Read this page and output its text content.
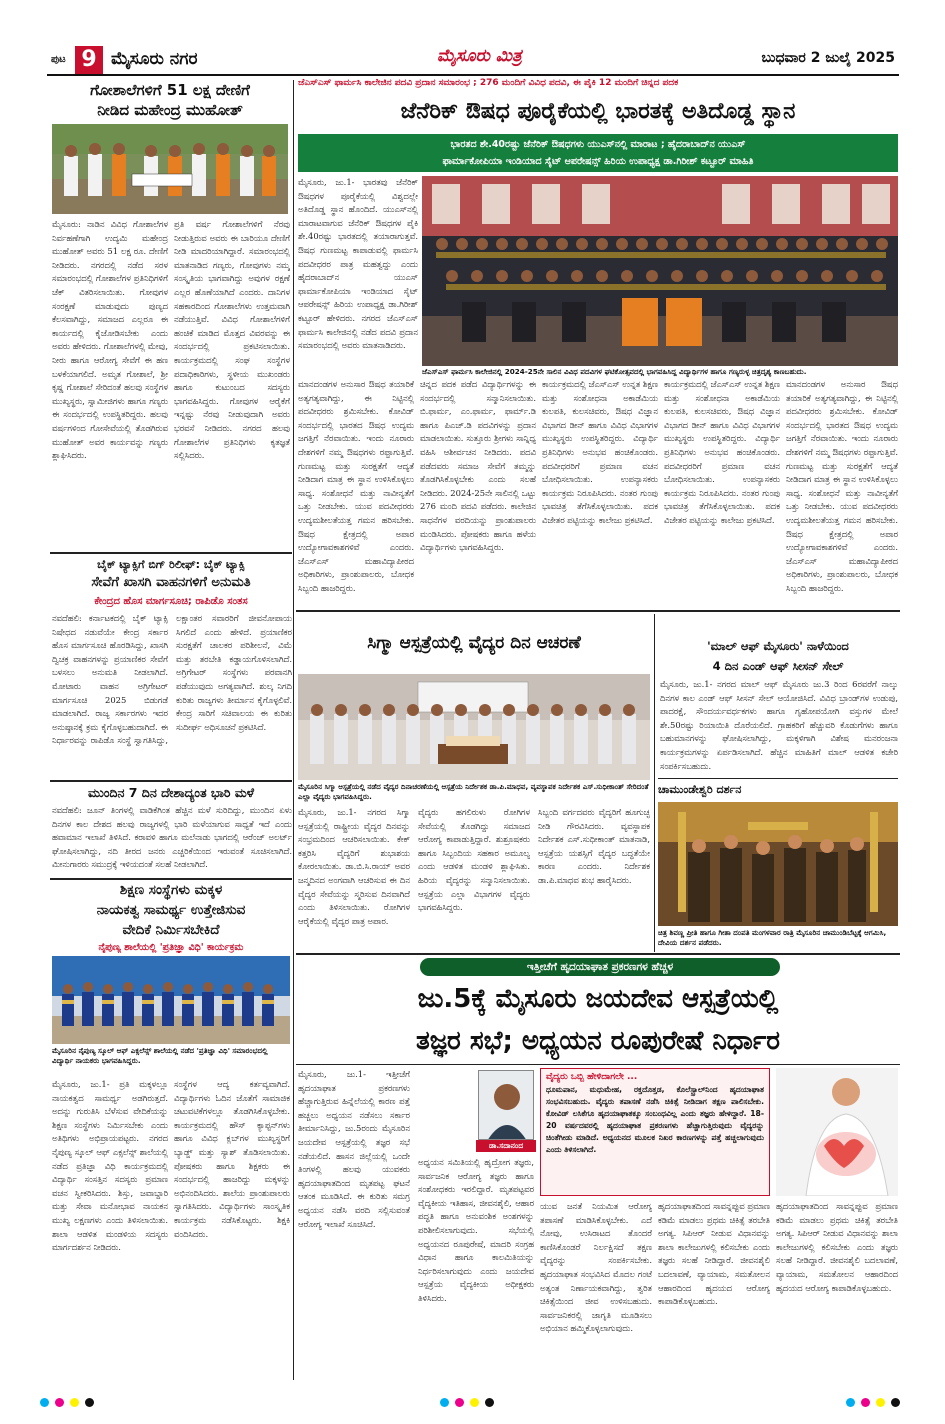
ಪುಟ 9 ಮೈಸೂರು ನಗರ	ಮೈಸೂರು ಮಿತ್ರ	ಬುಧವಾರ 2 ಜುಲೈ 2025
ಗೋಶಾಲೆಗಳಿಗೆ 51 ಲಕ್ಷ ದೇಣಿಗೆ
ನೀಡಿದ ಮಹೇಂದ್ರ ಮುಹೋತ್
ಮೈಸೂರು: ನಾಡಿನ ವಿವಿಧ ಗೋಶಾಲೆಗಳ ನಿರ್ವಹಣೆಗಾಗಿ ಉದ್ಯಮಿ ಮಹೇಂದ್ರ ಮುಹೋತ್ ಅವರು 51 ಲಕ್ಷ ರೂ. ದೇಣಿಗೆ ನೀಡಿದರು. ನಗರದಲ್ಲಿ ನಡೆದ ಸರಳ ಸಮಾರಂಭದಲ್ಲಿ ಗೋಶಾಲೆಗಳ ಪ್ರತಿನಿಧಿಗಳಿಗೆ ಚೆಕ್ ವಿತರಿಸಲಾಯಿತು. ಗೋವುಗಳ ಸಂರಕ್ಷಣೆ ಮಾಡುವುದು ಪುಣ್ಯದ ಕೆಲಸವಾಗಿದ್ದು, ಸಮಾಜದ ಎಲ್ಲರೂ ಈ ಕಾರ್ಯದಲ್ಲಿ ಕೈಜೋಡಿಸಬೇಕು ಎಂದು ಅವರು ಹೇಳಿದರು. ಗೋಶಾಲೆಗಳಲ್ಲಿ ಮೇವು, ನೀರು ಹಾಗೂ ಆರೋಗ್ಯ ಸೇವೆಗೆ ಈ ಹಣ ಬಳಕೆಯಾಗಲಿದೆ. ಅಮೃತ ಗೋಶಾಲೆ, ಶ್ರೀ ಕೃಷ್ಣ ಗೋಶಾಲೆ ಸೇರಿದಂತೆ ಹಲವು ಸಂಸ್ಥೆಗಳ ಮುಖ್ಯಸ್ಥರು, ಸ್ವಾಮೀಜಿಗಳು ಹಾಗೂ ಗಣ್ಯರು ಈ ಸಂದರ್ಭದಲ್ಲಿ ಉಪಸ್ಥಿತರಿದ್ದರು. ಹಲವು ವರ್ಷಗಳಿಂದ ಗೋಸೇವೆಯಲ್ಲಿ ತೊಡಗಿರುವ ಮುಹೋತ್ ಅವರ ಕಾರ್ಯವನ್ನು ಗಣ್ಯರು ಶ್ಲಾಘಿಸಿದರು.
ಪ್ರತಿ ವರ್ಷ ಗೋಶಾಲೆಗಳಿಗೆ ನೆರವು ನೀಡುತ್ತಿರುವ ಅವರು ಈ ಬಾರಿಯೂ ದೇಣಿಗೆ ನೀಡಿ ಮಾದರಿಯಾಗಿದ್ದಾರೆ. ಸಮಾರಂಭದಲ್ಲಿ ಮಾತನಾಡಿದ ಗಣ್ಯರು, ಗೋವುಗಳು ನಮ್ಮ ಸಂಸ್ಕೃತಿಯ ಭಾಗವಾಗಿದ್ದು ಅವುಗಳ ರಕ್ಷಣೆ ಎಲ್ಲರ ಹೊಣೆಯಾಗಿದೆ ಎಂದರು. ದಾನಿಗಳ ಸಹಕಾರದಿಂದ ಗೋಶಾಲೆಗಳು ಉತ್ತಮವಾಗಿ ನಡೆಯುತ್ತಿವೆ. ವಿವಿಧ ಗೋಶಾಲೆಗಳಿಗೆ ಹಂಚಿಕೆ ಮಾಡಿದ ಮೊತ್ತದ ವಿವರವನ್ನು ಈ ಸಂದರ್ಭದಲ್ಲಿ ಪ್ರಕಟಿಸಲಾಯಿತು. ಕಾರ್ಯಕ್ರಮದಲ್ಲಿ ಸಂಘ ಸಂಸ್ಥೆಗಳ ಪದಾಧಿಕಾರಿಗಳು, ಸ್ಥಳೀಯ ಮುಖಂಡರು ಹಾಗೂ ಕುಟುಂಬದ ಸದಸ್ಯರು ಭಾಗವಹಿಸಿದ್ದರು. ಗೋವುಗಳ ಆರೈಕೆಗೆ ಇನ್ನಷ್ಟು ನೆರವು ನೀಡುವುದಾಗಿ ಅವರು ಭರವಸೆ ನೀಡಿದರು. ನಗರದ ಹಲವು ಗೋಶಾಲೆಗಳ ಪ್ರತಿನಿಧಿಗಳು ಕೃತಜ್ಞತೆ ಸಲ್ಲಿಸಿದರು.
ಬೈಕ್ ಟ್ಯಾಕ್ಸಿಗೆ ಬಿಗ್ ರಿಲೀಫ್: ಬೈಕ್ ಟ್ಯಾಕ್ಸಿ
ಸೇವೆಗೆ ಖಾಸಗಿ ವಾಹನಗಳಿಗೆ ಅನುಮತಿ
ಕೇಂದ್ರದ ಹೊಸ ಮಾರ್ಗಸೂಚಿ; ರಾಪಿಡೊ ಸಂತಸ
ನವದೆಹಲಿ: ಕರ್ನಾಟಕದಲ್ಲಿ ಬೈಕ್ ಟ್ಯಾಕ್ಸಿ ನಿಷೇಧದ ನಡುವೆಯೇ ಕೇಂದ್ರ ಸರ್ಕಾರ ಹೊಸ ಮಾರ್ಗಸೂಚಿ ಹೊರಡಿಸಿದ್ದು, ಖಾಸಗಿ ದ್ವಿಚಕ್ರ ವಾಹನಗಳನ್ನು ಪ್ರಯಾಣಿಕರ ಸೇವೆಗೆ ಬಳಸಲು ಅನುಮತಿ ನೀಡಲಾಗಿದೆ. ಮೋಟಾರು ವಾಹನ ಅಗ್ರಿಗೇಟರ್ ಮಾರ್ಗಸೂಚಿ 2025 ಬಿಡುಗಡೆ ಮಾಡಲಾಗಿದೆ. ರಾಜ್ಯ ಸರ್ಕಾರಗಳು ಇದರ ಅನುಷ್ಠಾನಕ್ಕೆ ಕ್ರಮ ಕೈಗೊಳ್ಳಬಹುದಾಗಿದೆ. ಈ ನಿರ್ಧಾರವನ್ನು ರಾಪಿಡೊ ಸಂಸ್ಥೆ ಸ್ವಾಗತಿಸಿದ್ದು, ಲಕ್ಷಾಂತರ ಸವಾರರಿಗೆ ಜೀವನೋಪಾಯ ಸಿಗಲಿದೆ ಎಂದು ಹೇಳಿದೆ. ಪ್ರಯಾಣಿಕರ ಸುರಕ್ಷತೆಗೆ ಚಾಲಕರ ಪರಿಶೀಲನೆ, ವಿಮೆ ಮತ್ತು ತರಬೇತಿ ಕಡ್ಡಾಯಗೊಳಿಸಲಾಗಿದೆ. ಅಗ್ರಿಗೇಟರ್ ಸಂಸ್ಥೆಗಳು ಪರವಾನಗಿ ಪಡೆಯುವುದು ಅಗತ್ಯವಾಗಿದೆ. ಶುಲ್ಕ ನಿಗದಿ ಕುರಿತು ರಾಜ್ಯಗಳು ತೀರ್ಮಾನ ಕೈಗೊಳ್ಳಲಿವೆ. ಕೇಂದ್ರ ಸಾರಿಗೆ ಸಚಿವಾಲಯ ಈ ಕುರಿತು ಸುದೀರ್ಘ ಅಧಿಸೂಚನೆ ಪ್ರಕಟಿಸಿದೆ.
ಮುಂದಿನ 7 ದಿನ ದೇಶಾದ್ಯಂತ ಭಾರಿ ಮಳೆ
ನವದೆಹಲಿ: ಜೂನ್ ತಿಂಗಳಲ್ಲಿ ವಾಡಿಕೆಗಿಂತ ಹೆಚ್ಚಿನ ಮಳೆ ಸುರಿದಿದ್ದು, ಮುಂದಿನ ಏಳು ದಿನಗಳ ಕಾಲ ದೇಶದ ಹಲವು ರಾಜ್ಯಗಳಲ್ಲಿ ಭಾರಿ ಮಳೆಯಾಗುವ ಸಾಧ್ಯತೆ ಇದೆ ಎಂದು ಹವಾಮಾನ ಇಲಾಖೆ ತಿಳಿಸಿದೆ. ಕರಾವಳಿ ಹಾಗೂ ಮಲೆನಾಡು ಭಾಗದಲ್ಲಿ ಆರೆಂಜ್ ಅಲರ್ಟ್ ಘೋಷಿಸಲಾಗಿದ್ದು, ನದಿ ತೀರದ ಜನರು ಎಚ್ಚರಿಕೆಯಿಂದ ಇರುವಂತೆ ಸೂಚಿಸಲಾಗಿದೆ. ಮೀನುಗಾರರು ಸಮುದ್ರಕ್ಕೆ ಇಳಿಯದಂತೆ ಸಲಹೆ ನೀಡಲಾಗಿದೆ.
ಶಿಕ್ಷಣ ಸಂಸ್ಥೆಗಳು ಮಕ್ಕಳ
ನಾಯಕತ್ವ ಸಾಮರ್ಥ್ಯ ಉತ್ತೇಜಿಸುವ
ವೇದಿಕೆ ನಿರ್ಮಿಸಬೇಕಿದೆ
ನೈಪುಣ್ಯ ಶಾಲೆಯಲ್ಲಿ 'ಪ್ರತಿಜ್ಞಾ ವಿಧಿ' ಕಾರ್ಯಕ್ರಮ
ಮೈಸೂರಿನ ನೈಪುಣ್ಯ ಸ್ಕೂಲ್ ಆಫ್ ಎಕ್ಸಲೆನ್ಸ್ ಶಾಲೆಯಲ್ಲಿ ನಡೆದ 'ಪ್ರತಿಜ್ಞಾ ವಿಧಿ' ಸಮಾರಂಭದಲ್ಲಿ ವಿದ್ಯಾರ್ಥಿ ನಾಯಕರು ಭಾಗವಹಿಸಿದ್ದರು.
ಮೈಸೂರು, ಜು.1- ಪ್ರತಿ ಮಕ್ಕಳಲ್ಲೂ ನಾಯಕತ್ವದ ಸಾಮರ್ಥ್ಯ ಅಡಗಿರುತ್ತದೆ. ಅದನ್ನು ಗುರುತಿಸಿ ಬೆಳೆಸುವ ವೇದಿಕೆಯನ್ನು ಶಿಕ್ಷಣ ಸಂಸ್ಥೆಗಳು ನಿರ್ಮಿಸಬೇಕು ಎಂದು ಅತಿಥಿಗಳು ಅಭಿಪ್ರಾಯಪಟ್ಟರು. ನಗರದ ನೈಪುಣ್ಯ ಸ್ಕೂಲ್ ಆಫ್ ಎಕ್ಸಲೆನ್ಸ್ ಶಾಲೆಯಲ್ಲಿ ನಡೆದ ಪ್ರತಿಜ್ಞಾ ವಿಧಿ ಕಾರ್ಯಕ್ರಮದಲ್ಲಿ ವಿದ್ಯಾರ್ಥಿ ಸಂಸತ್ತಿನ ಸದಸ್ಯರು ಪ್ರಮಾಣ ವಚನ ಸ್ವೀಕರಿಸಿದರು. ಶಿಸ್ತು, ಜವಾಬ್ದಾರಿ ಮತ್ತು ಸೇವಾ ಮನೋಭಾವ ನಾಯಕನ ಮುಖ್ಯ ಲಕ್ಷಣಗಳು ಎಂದು ತಿಳಿಸಲಾಯಿತು. ಶಾಲಾ ಆಡಳಿತ ಮಂಡಳಿಯ ಸದಸ್ಯರು ಮಾರ್ಗದರ್ಶನ ನೀಡಿದರು.
ಸಂಸ್ಥೆಗಳ ಆದ್ಯ ಕರ್ತವ್ಯವಾಗಿದೆ. ವಿದ್ಯಾರ್ಥಿಗಳು ಓದಿನ ಜೊತೆಗೆ ಸಾಮಾಜಿಕ ಚಟುವಟಿಕೆಗಳಲ್ಲೂ ತೊಡಗಿಸಿಕೊಳ್ಳಬೇಕು. ಕಾರ್ಯಕ್ರಮದಲ್ಲಿ ಹೌಸ್ ಕ್ಯಾಪ್ಟನ್‌ಗಳು ಹಾಗೂ ವಿವಿಧ ಕ್ಲಬ್‌ಗಳ ಮುಖ್ಯಸ್ಥರಿಗೆ ಬ್ಯಾಡ್ಜ್ ಮತ್ತು ಸ್ಯಾಶ್ ತೊಡಿಸಲಾಯಿತು. ಪೋಷಕರು ಹಾಗೂ ಶಿಕ್ಷಕರು ಈ ಸಂದರ್ಭದಲ್ಲಿ ಹಾಜರಿದ್ದು ಮಕ್ಕಳನ್ನು ಅಭಿನಂದಿಸಿದರು. ಶಾಲೆಯ ಪ್ರಾಂಶುಪಾಲರು ಸ್ವಾಗತಿಸಿದರು. ವಿದ್ಯಾರ್ಥಿಗಳು ಸಾಂಸ್ಕೃತಿಕ ಕಾರ್ಯಕ್ರಮ ನಡೆಸಿಕೊಟ್ಟರು. ಶಿಕ್ಷಕಿ ವಂದಿಸಿದರು.
ಜೆಎಸ್‌ಎಸ್ ಫಾರ್ಮಸಿ ಕಾಲೇಜಿನ ಪದವಿ ಪ್ರದಾನ ಸಮಾರಂಭ ; 276 ಮಂದಿಗೆ ವಿವಿಧ ಪದವಿ, ಈ ಪೈಕಿ 12 ಮಂದಿಗೆ ಚಿನ್ನದ ಪದಕ
ಜೆನೆರಿಕ್ ಔಷಧ ಪೂರೈಕೆಯಲ್ಲಿ ಭಾರತಕ್ಕೆ ಅತಿದೊಡ್ಡ ಸ್ಥಾನ
ಭಾರತದ ಶೇ.40ರಷ್ಟು ಜೆನೆರಿಕ್ ಔಷಧಗಳು ಯುಎಸ್‌ನಲ್ಲಿ ಮಾರಾಟ ; ಹೈದರಾಬಾದ್‌ನ ಯುಎಸ್
ಫಾರ್ಮಾಕೋಪಿಯಾ ಇಂಡಿಯಾದ ಸೈಟ್ ಆಪರೇಷನ್ಸ್ ಹಿರಿಯ ಉಪಾಧ್ಯಕ್ಷ ಡಾ.ಗಿರೀಶ್ ಕಟ್ಟೂರ್ ಮಾಹಿತಿ
ಮೈಸೂರು, ಜು.1- ಭಾರತವು ಜೆನೆರಿಕ್ ಔಷಧಗಳ ಪೂರೈಕೆಯಲ್ಲಿ ವಿಶ್ವದಲ್ಲೇ ಅತಿದೊಡ್ಡ ಸ್ಥಾನ ಹೊಂದಿದೆ. ಯುಎಸ್‌ನಲ್ಲಿ ಮಾರಾಟವಾಗುವ ಜೆನೆರಿಕ್ ಔಷಧಗಳ ಪೈಕಿ ಶೇ.40ರಷ್ಟು ಭಾರತದಲ್ಲಿ ತಯಾರಾಗುತ್ತವೆ. ಔಷಧ ಗುಣಮಟ್ಟ ಕಾಪಾಡುವಲ್ಲಿ ಫಾರ್ಮಸಿ ಪದವೀಧರರ ಪಾತ್ರ ಮಹತ್ವದ್ದು ಎಂದು ಹೈದರಾಬಾದ್‌ನ ಯುಎಸ್ ಫಾರ್ಮಾಕೋಪಿಯಾ ಇಂಡಿಯಾದ ಸೈಟ್ ಆಪರೇಷನ್ಸ್ ಹಿರಿಯ ಉಪಾಧ್ಯಕ್ಷ ಡಾ.ಗಿರೀಶ್ ಕಟ್ಟೂರ್ ಹೇಳಿದರು. ನಗರದ ಜೆಎಸ್‌ಎಸ್ ಫಾರ್ಮಸಿ ಕಾಲೇಜಿನಲ್ಲಿ ನಡೆದ ಪದವಿ ಪ್ರದಾನ ಸಮಾರಂಭದಲ್ಲಿ ಅವರು ಮಾತನಾಡಿದರು.
ಜೆಎಸ್‌ಎಸ್ ಫಾರ್ಮಸಿ ಕಾಲೇಜಿನಲ್ಲಿ 2024-25ನೇ ಸಾಲಿನ ವಿವಿಧ ಪದವಿಗಳ ಘಟಿಕೋತ್ಸವದಲ್ಲಿ ಭಾಗವಹಿಸಿದ್ದ ವಿದ್ಯಾರ್ಥಿಗಳ ಹಾಗೂ ಗಣ್ಯರುಳ್ಳ ಚಿತ್ರದೃಶ್ಯ ಕಾಣಬಹುದು.
ಮಾನದಂಡಗಳ ಅನುಸಾರ ಔಷಧ ತಯಾರಿಕೆ ಅತ್ಯಗತ್ಯವಾಗಿದ್ದು, ಈ ನಿಟ್ಟಿನಲ್ಲಿ ಪದವೀಧರರು ಶ್ರಮಿಸಬೇಕು. ಕೋವಿಡ್ ಸಂದರ್ಭದಲ್ಲಿ ಭಾರತದ ಔಷಧ ಉದ್ಯಮ ಜಗತ್ತಿಗೆ ನೆರವಾಯಿತು. ಇಂದು ನೂರಾರು ದೇಶಗಳಿಗೆ ನಮ್ಮ ಔಷಧಗಳು ರಫ್ತಾಗುತ್ತಿವೆ. ಗುಣಮಟ್ಟ ಮತ್ತು ಸುರಕ್ಷತೆಗೆ ಆದ್ಯತೆ ನೀಡಿದಾಗ ಮಾತ್ರ ಈ ಸ್ಥಾನ ಉಳಿಸಿಕೊಳ್ಳಲು ಸಾಧ್ಯ. ಸಂಶೋಧನೆ ಮತ್ತು ನಾವೀನ್ಯತೆಗೆ ಒತ್ತು ನೀಡಬೇಕು. ಯುವ ಪದವೀಧರರು ಉದ್ಯಮಶೀಲತೆಯತ್ತ ಗಮನ ಹರಿಸಬೇಕು. ಔಷಧ ಕ್ಷೇತ್ರದಲ್ಲಿ ಅಪಾರ ಉದ್ಯೋಗಾವಕಾಶಗಳಿವೆ ಎಂದರು. ಜೆಎಸ್‌ಎಸ್ ಮಹಾವಿದ್ಯಾಪೀಠದ ಅಧಿಕಾರಿಗಳು, ಪ್ರಾಂಶುಪಾಲರು, ಬೋಧಕ ಸಿಬ್ಬಂದಿ ಹಾಜರಿದ್ದರು.
ಚಿನ್ನದ ಪದಕ ಪಡೆದ ವಿದ್ಯಾರ್ಥಿಗಳನ್ನು ಈ ಸಂದರ್ಭದಲ್ಲಿ ಸನ್ಮಾನಿಸಲಾಯಿತು. ಬಿ.ಫಾರ್ಮ, ಎಂ.ಫಾರ್ಮ, ಫಾರ್ಮ್.ಡಿ ಹಾಗೂ ಪಿಎಚ್.ಡಿ ಪದವಿಗಳನ್ನು ಪ್ರದಾನ ಮಾಡಲಾಯಿತು. ಸುತ್ತೂರು ಶ್ರೀಗಳು ಸಾನ್ನಿಧ್ಯ ವಹಿಸಿ ಆಶೀರ್ವಚನ ನೀಡಿದರು. ಪದವಿ ಪಡೆದವರು ಸಮಾಜ ಸೇವೆಗೆ ತಮ್ಮನ್ನು ತೊಡಗಿಸಿಕೊಳ್ಳಬೇಕು ಎಂದು ಸಲಹೆ ನೀಡಿದರು. 2024-25ನೇ ಸಾಲಿನಲ್ಲಿ ಒಟ್ಟು 276 ಮಂದಿ ಪದವಿ ಪಡೆದರು. ಕಾಲೇಜಿನ ಸಾಧನೆಗಳ ವರದಿಯನ್ನು ಪ್ರಾಂಶುಪಾಲರು ಮಂಡಿಸಿದರು. ಪೋಷಕರು ಹಾಗೂ ಹಳೆಯ ವಿದ್ಯಾರ್ಥಿಗಳು ಭಾಗವಹಿಸಿದ್ದರು.
ಕಾರ್ಯಕ್ರಮದಲ್ಲಿ ಜೆಎಸ್‌ಎಸ್ ಉನ್ನತ ಶಿಕ್ಷಣ ಮತ್ತು ಸಂಶೋಧನಾ ಅಕಾಡೆಮಿಯ ಕುಲಪತಿ, ಕುಲಸಚಿವರು, ಔಷಧ ವಿಜ್ಞಾನ ವಿಭಾಗದ ಡೀನ್ ಹಾಗೂ ವಿವಿಧ ವಿಭಾಗಗಳ ಮುಖ್ಯಸ್ಥರು ಉಪಸ್ಥಿತರಿದ್ದರು. ವಿದ್ಯಾರ್ಥಿ ಪ್ರತಿನಿಧಿಗಳು ಅನುಭವ ಹಂಚಿಕೊಂಡರು. ಪದವೀಧರರಿಗೆ ಪ್ರಮಾಣ ವಚನ ಬೋಧಿಸಲಾಯಿತು. ಉಪನ್ಯಾಸಕರು ಕಾರ್ಯಕ್ರಮ ನಿರೂಪಿಸಿದರು. ನಂತರ ಗುಂಪು ಭಾವಚಿತ್ರ ತೆಗೆಸಿಕೊಳ್ಳಲಾಯಿತು. ಪದಕ ವಿಜೇತರ ಪಟ್ಟಿಯನ್ನು ಕಾಲೇಜು ಪ್ರಕಟಿಸಿದೆ.
ಕಾರ್ಯಕ್ರಮದಲ್ಲಿ ಜೆಎಸ್‌ಎಸ್ ಉನ್ನತ ಶಿಕ್ಷಣ ಮತ್ತು ಸಂಶೋಧನಾ ಅಕಾಡೆಮಿಯ ಕುಲಪತಿ, ಕುಲಸಚಿವರು, ಔಷಧ ವಿಜ್ಞಾನ ವಿಭಾಗದ ಡೀನ್ ಹಾಗೂ ವಿವಿಧ ವಿಭಾಗಗಳ ಮುಖ್ಯಸ್ಥರು ಉಪಸ್ಥಿತರಿದ್ದರು. ವಿದ್ಯಾರ್ಥಿ ಪ್ರತಿನಿಧಿಗಳು ಅನುಭವ ಹಂಚಿಕೊಂಡರು. ಪದವೀಧರರಿಗೆ ಪ್ರಮಾಣ ವಚನ ಬೋಧಿಸಲಾಯಿತು. ಉಪನ್ಯಾಸಕರು ಕಾರ್ಯಕ್ರಮ ನಿರೂಪಿಸಿದರು. ನಂತರ ಗುಂಪು ಭಾವಚಿತ್ರ ತೆಗೆಸಿಕೊಳ್ಳಲಾಯಿತು. ಪದಕ ವಿಜೇತರ ಪಟ್ಟಿಯನ್ನು ಕಾಲೇಜು ಪ್ರಕಟಿಸಿದೆ.
ಮಾನದಂಡಗಳ ಅನುಸಾರ ಔಷಧ ತಯಾರಿಕೆ ಅತ್ಯಗತ್ಯವಾಗಿದ್ದು, ಈ ನಿಟ್ಟಿನಲ್ಲಿ ಪದವೀಧರರು ಶ್ರಮಿಸಬೇಕು. ಕೋವಿಡ್ ಸಂದರ್ಭದಲ್ಲಿ ಭಾರತದ ಔಷಧ ಉದ್ಯಮ ಜಗತ್ತಿಗೆ ನೆರವಾಯಿತು. ಇಂದು ನೂರಾರು ದೇಶಗಳಿಗೆ ನಮ್ಮ ಔಷಧಗಳು ರಫ್ತಾಗುತ್ತಿವೆ. ಗುಣಮಟ್ಟ ಮತ್ತು ಸುರಕ್ಷತೆಗೆ ಆದ್ಯತೆ ನೀಡಿದಾಗ ಮಾತ್ರ ಈ ಸ್ಥಾನ ಉಳಿಸಿಕೊಳ್ಳಲು ಸಾಧ್ಯ. ಸಂಶೋಧನೆ ಮತ್ತು ನಾವೀನ್ಯತೆಗೆ ಒತ್ತು ನೀಡಬೇಕು. ಯುವ ಪದವೀಧರರು ಉದ್ಯಮಶೀಲತೆಯತ್ತ ಗಮನ ಹರಿಸಬೇಕು. ಔಷಧ ಕ್ಷೇತ್ರದಲ್ಲಿ ಅಪಾರ ಉದ್ಯೋಗಾವಕಾಶಗಳಿವೆ ಎಂದರು. ಜೆಎಸ್‌ಎಸ್ ಮಹಾವಿದ್ಯಾಪೀಠದ ಅಧಿಕಾರಿಗಳು, ಪ್ರಾಂಶುಪಾಲರು, ಬೋಧಕ ಸಿಬ್ಬಂದಿ ಹಾಜರಿದ್ದರು.
ಸಿಗ್ಮಾ ಆಸ್ಪತ್ರೆಯಲ್ಲಿ ವೈದ್ಯರ ದಿನ ಆಚರಣೆ
ಮೈಸೂರಿನ ಸಿಗ್ಮಾ ಆಸ್ಪತ್ರೆಯಲ್ಲಿ ನಡೆದ ವೈದ್ಯರ ದಿನಾಚರಣೆಯಲ್ಲಿ ಆಸ್ಪತ್ರೆಯ ನಿರ್ದೇಶಕ ಡಾ.ಪಿ.ಮಾಧವ, ವ್ಯವಸ್ಥಾಪಕ ನಿರ್ದೇಶಕ ಎಸ್.ಸುಧೀಕಾಂತ್ ಸೇರಿದಂತೆ ಎಲ್ಲಾ ವೈದ್ಯರು ಭಾಗವಹಿಸಿದ್ದರು.
ಮೈಸೂರು, ಜು.1- ನಗರದ ಸಿಗ್ಮಾ ಆಸ್ಪತ್ರೆಯಲ್ಲಿ ರಾಷ್ಟ್ರೀಯ ವೈದ್ಯರ ದಿನವನ್ನು ಸಂಭ್ರಮದಿಂದ ಆಚರಿಸಲಾಯಿತು. ಕೇಕ್ ಕತ್ತರಿಸಿ ವೈದ್ಯರಿಗೆ ಶುಭಾಶಯ ಕೋರಲಾಯಿತು. ಡಾ.ಬಿ.ಸಿ.ರಾಯ್ ಅವರ ಜನ್ಮದಿನದ ಅಂಗವಾಗಿ ಆಚರಿಸುವ ಈ ದಿನ ವೈದ್ಯರ ಸೇವೆಯನ್ನು ಸ್ಮರಿಸುವ ದಿನವಾಗಿದೆ ಎಂದು ತಿಳಿಸಲಾಯಿತು. ರೋಗಿಗಳ ಆರೈಕೆಯಲ್ಲಿ ವೈದ್ಯರ ಪಾತ್ರ ಅಪಾರ.
ವೈದ್ಯರು ಹಗಲಿರುಳು ರೋಗಿಗಳ ಸೇವೆಯಲ್ಲಿ ತೊಡಗಿದ್ದು ಸಮಾಜದ ಆರೋಗ್ಯ ಕಾಪಾಡುತ್ತಿದ್ದಾರೆ. ಶುಶ್ರೂಷಕರು ಹಾಗೂ ಸಿಬ್ಬಂದಿಯ ಸಹಕಾರ ಅಮೂಲ್ಯ ಎಂದು ಆಡಳಿತ ಮಂಡಳಿ ಶ್ಲಾಘಿಸಿತು. ಹಿರಿಯ ವೈದ್ಯರನ್ನು ಸನ್ಮಾನಿಸಲಾಯಿತು. ಆಸ್ಪತ್ರೆಯ ಎಲ್ಲಾ ವಿಭಾಗಗಳ ವೈದ್ಯರು ಭಾಗವಹಿಸಿದ್ದರು.
ಸಿಬ್ಬಂದಿ ವರ್ಗದವರು ವೈದ್ಯರಿಗೆ ಹೂಗುಚ್ಛ ನೀಡಿ ಗೌರವಿಸಿದರು. ವ್ಯವಸ್ಥಾಪಕ ನಿರ್ದೇಶಕ ಎಸ್.ಸುಧೀಕಾಂತ್ ಮಾತನಾಡಿ, ಆಸ್ಪತ್ರೆಯ ಯಶಸ್ಸಿಗೆ ವೈದ್ಯರ ಬದ್ಧತೆಯೇ ಕಾರಣ ಎಂದರು. ನಿರ್ದೇಶಕ ಡಾ.ಪಿ.ಮಾಧವ ಶುಭ ಹಾರೈಸಿದರು.
'ಮಾಲ್ ಆಫ್ ಮೈಸೂರು' ನಾಳೆಯಿಂದ
4 ದಿನ ಎಂಡ್ ಆಫ್ ಸೀಸನ್ ಸೇಲ್
ಮೈಸೂರು, ಜು.1- ನಗರದ ಮಾಲ್ ಆಫ್ ಮೈಸೂರು ಜು.3 ರಿಂದ 6ರವರೆಗೆ ನಾಲ್ಕು ದಿನಗಳ ಕಾಲ ಎಂಡ್ ಆಫ್ ಸೀಸನ್ ಸೇಲ್ ಆಯೋಜಿಸಿದೆ. ವಿವಿಧ ಬ್ರಾಂಡ್‌ಗಳ ಉಡುಪು, ಪಾದರಕ್ಷೆ, ಸೌಂದರ್ಯವರ್ಧಕಗಳು ಹಾಗೂ ಗೃಹೋಪಯೋಗಿ ವಸ್ತುಗಳ ಮೇಲೆ ಶೇ.50ರಷ್ಟು ರಿಯಾಯಿತಿ ದೊರೆಯಲಿದೆ. ಗ್ರಾಹಕರಿಗೆ ಹೆಚ್ಚುವರಿ ಕೊಡುಗೆಗಳು ಹಾಗೂ ಬಹುಮಾನಗಳನ್ನು ಘೋಷಿಸಲಾಗಿದ್ದು, ಮಕ್ಕಳಿಗಾಗಿ ವಿಶೇಷ ಮನರಂಜನಾ ಕಾರ್ಯಕ್ರಮಗಳನ್ನು ಏರ್ಪಡಿಸಲಾಗಿದೆ. ಹೆಚ್ಚಿನ ಮಾಹಿತಿಗೆ ಮಾಲ್ ಆಡಳಿತ ಕಚೇರಿ ಸಂಪರ್ಕಿಸಬಹುದು.
ಚಾಮುಂಡೇಶ್ವರಿ ದರ್ಶನ
ಚಿತ್ರ ಶಿವಣ್ಣ ಪ್ರೀತಿ ಹಾಗೂ ಗೀತಾ ದಂಪತಿ ಮಂಗಳವಾರ ರಾತ್ರಿ ಮೈಸೂರಿನ ಚಾಮುಂಡಿಬೆಟ್ಟಕ್ಕೆ ಆಗಮಿಸಿ, ದೇವಿಯ ದರ್ಶನ ಪಡೆದರು.
ಇತ್ತೀಚೆಗೆ ಹೃದಯಾಘಾತ ಪ್ರಕರಣಗಳ ಹೆಚ್ಚಳ
ಜು.5ಕ್ಕೆ ಮೈಸೂರು ಜಯದೇವ ಆಸ್ಪತ್ರೆಯಲ್ಲಿ
ತಜ್ಞರ ಸಭೆ; ಅಧ್ಯಯನ ರೂಪುರೇಷೆ ನಿರ್ಧಾರ
ಮೈಸೂರು, ಜು.1- ಇತ್ತೀಚೆಗೆ ಹೃದಯಾಘಾತ ಪ್ರಕರಣಗಳು ಹೆಚ್ಚಾಗುತ್ತಿರುವ ಹಿನ್ನೆಲೆಯಲ್ಲಿ ಕಾರಣ ಪತ್ತೆ ಹಚ್ಚಲು ಅಧ್ಯಯನ ನಡೆಸಲು ಸರ್ಕಾರ ತೀರ್ಮಾನಿಸಿದ್ದು, ಜು.5ರಂದು ಮೈಸೂರಿನ ಜಯದೇವ ಆಸ್ಪತ್ರೆಯಲ್ಲಿ ತಜ್ಞರ ಸಭೆ ನಡೆಯಲಿದೆ. ಹಾಸನ ಜಿಲ್ಲೆಯಲ್ಲಿ ಒಂದೇ ತಿಂಗಳಲ್ಲಿ ಹಲವು ಯುವಕರು ಹೃದಯಾಘಾತದಿಂದ ಮೃತಪಟ್ಟ ಘಟನೆ ಆತಂಕ ಮೂಡಿಸಿದೆ. ಈ ಕುರಿತು ಸಮಗ್ರ ಅಧ್ಯಯನ ನಡೆಸಿ ವರದಿ ಸಲ್ಲಿಸುವಂತೆ ಆರೋಗ್ಯ ಇಲಾಖೆ ಸೂಚಿಸಿದೆ.
ಡಾ.ಸದಾನಂದ
ಅಧ್ಯಯನ ಸಮಿತಿಯಲ್ಲಿ ಹೃದ್ರೋಗ ತಜ್ಞರು, ಸಾರ್ವಜನಿಕ ಆರೋಗ್ಯ ತಜ್ಞರು ಹಾಗೂ ಸಂಶೋಧಕರು ಇರಲಿದ್ದಾರೆ. ಮೃತಪಟ್ಟವರ ವೈದ್ಯಕೀಯ ಇತಿಹಾಸ, ಜೀವನಶೈಲಿ, ಆಹಾರ ಪದ್ಧತಿ ಹಾಗೂ ಅನುವಂಶಿಕ ಅಂಶಗಳನ್ನು ಪರಿಶೀಲಿಸಲಾಗುವುದು. ಸಭೆಯಲ್ಲಿ ಅಧ್ಯಯನದ ರೂಪುರೇಷೆ, ಮಾದರಿ ಸಂಗ್ರಹ ವಿಧಾನ ಹಾಗೂ ಕಾಲಮಿತಿಯನ್ನು ನಿರ್ಧರಿಸಲಾಗುವುದು ಎಂದು ಜಯದೇವ ಆಸ್ಪತ್ರೆಯ ವೈದ್ಯಕೀಯ ಅಧೀಕ್ಷಕರು ತಿಳಿಸಿದರು.
ವೈದ್ಯರು ಒಬ್ಬಿ ಹೇಳಿದಾಗಲೇ ...
ಧೂಮಪಾನ, ಮಧುಮೇಹ, ರಕ್ತದೊತ್ತಡ, ಕೊಲೆಸ್ಟ್ರಾಲ್‌ನಿಂದ ಹೃದಯಾಘಾತ ಸಂಭವಿಸಬಹುದು. ವೈದ್ಯರು ತಪಾಸಣೆ ನಡೆಸಿ ಚಿಕಿತ್ಸೆ ನೀಡಿದಾಗ ತಕ್ಷಣ ಪಾಲಿಸಬೇಕು. ಕೋವಿಡ್ ಲಸಿಕೆಗೂ ಹೃದಯಾಘಾತಕ್ಕೂ ಸಂಬಂಧವಿಲ್ಲ ಎಂದು ತಜ್ಞರು ಹೇಳಿದ್ದಾರೆ. 18-20 ವರ್ಷದವರಲ್ಲಿ ಹೃದಯಾಘಾತ ಪ್ರಕರಣಗಳು ಹೆಚ್ಚಾಗುತ್ತಿರುವುದು ವೈದ್ಯರನ್ನು ಚಿಂತೆಗೀಡು ಮಾಡಿದೆ. ಅಧ್ಯಯನದ ಮೂಲಕ ನಿಖರ ಕಾರಣಗಳನ್ನು ಪತ್ತೆ ಹಚ್ಚಲಾಗುವುದು ಎಂದು ತಿಳಿಸಲಾಗಿದೆ.
ಯುವ ಜನತೆ ನಿಯಮಿತ ಆರೋಗ್ಯ ತಪಾಸಣೆ ಮಾಡಿಸಿಕೊಳ್ಳಬೇಕು. ಎದೆ ನೋವು, ಉಸಿರಾಟದ ತೊಂದರೆ ಕಾಣಿಸಿಕೊಂಡರೆ ನಿರ್ಲಕ್ಷಿಸದೆ ತಕ್ಷಣ ವೈದ್ಯರನ್ನು ಸಂಪರ್ಕಿಸಬೇಕು. ಹೃದಯಾಘಾತ ಸಂಭವಿಸಿದ ಮೊದಲ ಗಂಟೆ ಅತ್ಯಂತ ನಿರ್ಣಾಯಕವಾಗಿದ್ದು, ತ್ವರಿತ ಚಿಕಿತ್ಸೆಯಿಂದ ಜೀವ ಉಳಿಸಬಹುದು. ಸಾರ್ವಜನಿಕರಲ್ಲಿ ಜಾಗೃತಿ ಮೂಡಿಸಲು ಅಭಿಯಾನ ಹಮ್ಮಿಕೊಳ್ಳಲಾಗುವುದು.
ಹೃದಯಾಘಾತದಿಂದ ಸಾವನ್ನಪ್ಪುವ ಪ್ರಮಾಣ ಕಡಿಮೆ ಮಾಡಲು ಪ್ರಥಮ ಚಿಕಿತ್ಸೆ ತರಬೇತಿ ಅಗತ್ಯ. ಸಿಪಿಆರ್ ನೀಡುವ ವಿಧಾನವನ್ನು ಶಾಲಾ ಕಾಲೇಜುಗಳಲ್ಲಿ ಕಲಿಸಬೇಕು ಎಂದು ತಜ್ಞರು ಸಲಹೆ ನೀಡಿದ್ದಾರೆ. ಜೀವನಶೈಲಿ ಬದಲಾವಣೆ, ವ್ಯಾಯಾಮ, ಸಮತೋಲನ ಆಹಾರದಿಂದ ಹೃದಯದ ಆರೋಗ್ಯ ಕಾಪಾಡಿಕೊಳ್ಳಬಹುದು.
ಹೃದಯಾಘಾತದಿಂದ ಸಾವನ್ನಪ್ಪುವ ಪ್ರಮಾಣ ಕಡಿಮೆ ಮಾಡಲು ಪ್ರಥಮ ಚಿಕಿತ್ಸೆ ತರಬೇತಿ ಅಗತ್ಯ. ಸಿಪಿಆರ್ ನೀಡುವ ವಿಧಾನವನ್ನು ಶಾಲಾ ಕಾಲೇಜುಗಳಲ್ಲಿ ಕಲಿಸಬೇಕು ಎಂದು ತಜ್ಞರು ಸಲಹೆ ನೀಡಿದ್ದಾರೆ. ಜೀವನಶೈಲಿ ಬದಲಾವಣೆ, ವ್ಯಾಯಾಮ, ಸಮತೋಲನ ಆಹಾರದಿಂದ ಹೃದಯದ ಆರೋಗ್ಯ ಕಾಪಾಡಿಕೊಳ್ಳಬಹುದು.
